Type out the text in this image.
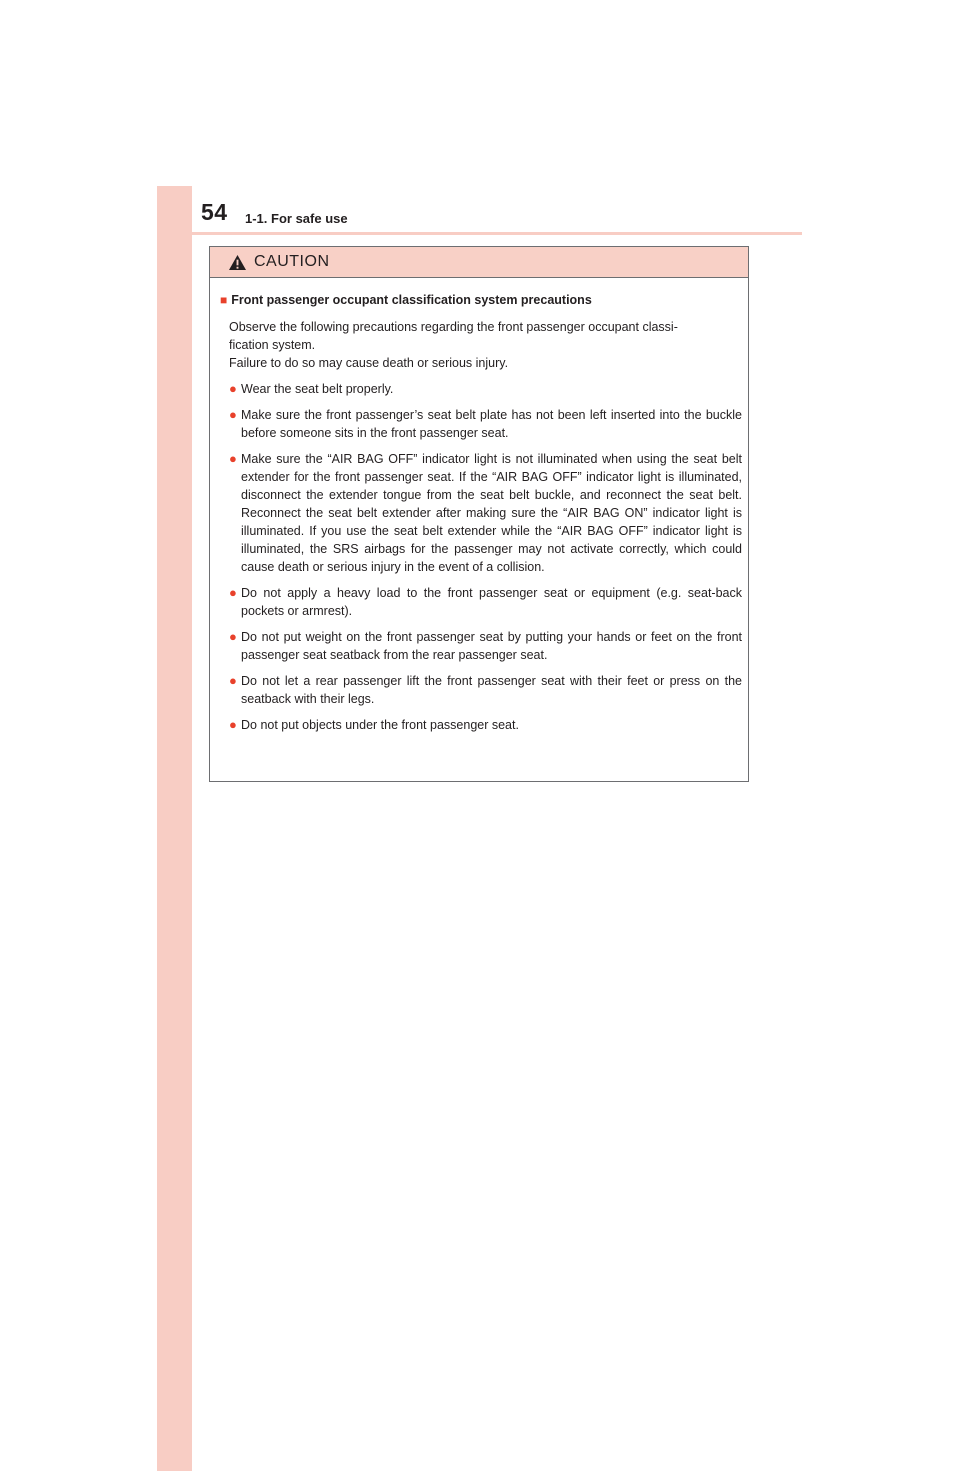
54 1-1. For safe use
CAUTION
■ Front passenger occupant classification system precautions

Observe the following precautions regarding the front passenger occupant classi-

fication system.

Failure to do so may cause death or serious injury.

● Wear the seat belt properly.
● Make sure the front passenger’s seat belt plate has not been left inserted into the buckle before someone sits in the front passenger seat.
● Make sure the “AIR BAG OFF” indicator light is not illuminated when using the seat belt extender for the front passenger seat. If the “AIR BAG OFF” indicator light is illuminated, disconnect the extender tongue from the seat belt buckle, and reconnect the seat belt. Reconnect the seat belt extender after making sure the “AIR BAG ON” indicator light is illuminated. If you use the seat belt extender while the “AIR BAG OFF” indicator light is illuminated, the SRS airbags for the passenger may not activate correctly, which could cause death or serious injury in the event of a collision.
● Do not apply a heavy load to the front passenger seat or equipment (e.g. seat-back pockets or armrest).
● Do not put weight on the front passenger seat by putting your hands or feet on the front passenger seat seatback from the rear passenger seat.
● Do not let a rear passenger lift the front passenger seat with their feet or press on the seatback with their legs.
● Do not put objects under the front passenger seat.
